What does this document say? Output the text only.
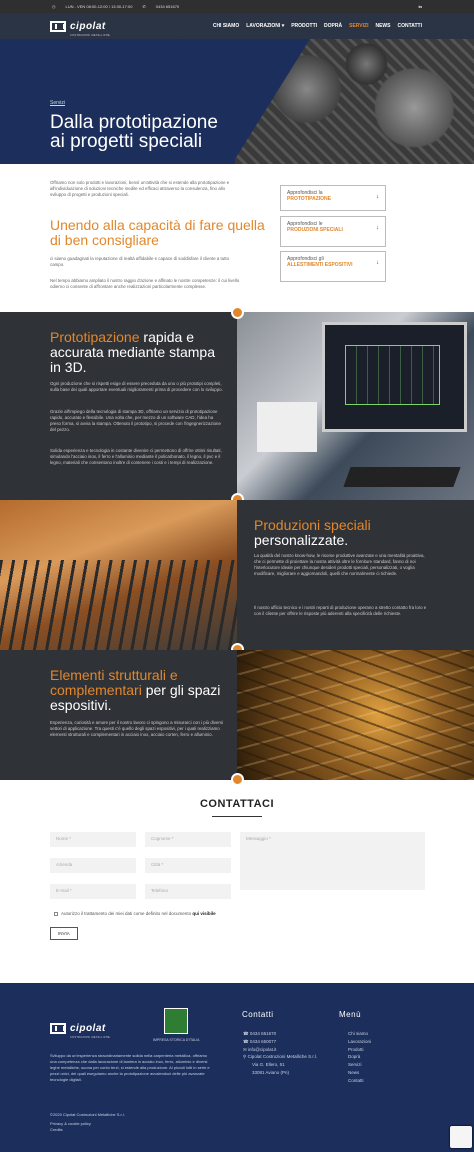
◷	LUN - VEN 08:00-12:00 / 13:30-17:00	✆	0434 651670	in
cipolat
COSTRUZIONI METALLICHE
CHI SIAMO LAVORAZIONI ▾ PRODOTTI DOPRÀ SERVIZI NEWS CONTATTI
Servizi
Dalla prototipazione
ai progetti speciali
Offriamo non solo prodotti e lavorazioni, bensì un'attività che si estende alla prototipazione e all'individuazione di soluzioni tecniche inedite ed efficaci attraverso la consulenza, fino allo sviluppo di progetti e produzioni speciali.
Unendo alla capacità di fare quella di ben consigliare
ci siamo guadagnati la reputazione di realtà affidabile e capace di soddisfare il cliente a tutto campo.
Nel tempo abbiamo ampliato il nostro raggio d'azione e affinato le nostre competenze: il cui livello odierno ci consente di affrontare anche realizzazioni particolarmente complesse.
Approfondisci la
PROTOTIPAZIONE	↓
Approfondisci le
PRODUZIONI SPECIALI	↓
Approfondisci gli
ALLESTIMENTI ESPOSITIVI	↓
Prototipazione rapida e accurata mediante stampa in 3D.
Ogni produzione che si rispetti esige di essere preceduta da uno o più prototipi completi, sulla base dei quali apportare eventuali miglioramenti prima di procedere con lo sviluppo.
Grazie all'impiego della tecnologia di stampa 3D, offriamo un servizio di prototipazione rapido, accurato e flessibile. Una volta che, per mezzo di un software CAD, l'idea ha preso forma, si avvia la stampa. Ottenuto il prototipo, si procede con l'ingegnerizzazione del pezzo.
Solida esperienza e tecnologia in costante divenire ci permettono di offrire ottimi risultati, simulando l'acciaio inox, il ferro e l'alluminio mediante il policarbonato, il legno, il pvc e il legno, materiali che consentono inoltre di contenere i costi e i tempi di realizzazione.
Produzioni speciali
personalizzate.
La qualità del nostro know-how, le risorse produttive avanzate e una mentalità proattiva, che ci permette di proiettare la nostra attività oltre le forniture standard, fanno di noi l'interlocutore ideale per chiunque desideri prodotti speciali, personalizzati, o voglia modificare, migliorare e aggiornandoli, quelli che normalmente ci richiede.
Il nostro ufficio tecnico e i nostri reparti di produzione operano a stretto contatto fra loro e con il cliente per offrire le risposte più aderenti alla specificità delle richieste.
Elementi strutturali e complementari per gli spazi espositivi.
Esperienza, curiosità e amore per il nostro lavoro ci spingono a misurarci con i più diversi settori di applicazione. Tra questi c'è quello degli spazi espositivi, per i quali realizziamo elementi strutturali e complementari in acciaio inox, acciaio corten, ferro e alluminio.
CONTATTACI
Nome *	Cognome *
Azienda	Città *
E-mail *	Telefono
Messaggio *
Autorizzo il trattamento dei miei dati come definito nel documento qui visibile
INVIA
cipolat
COSTRUZIONI METALLICHE
IMPRESA STORICA D'ITALIA
Sviluppo da un'esperienza straordinariamente solida nella carpenteria metallica, offriamo una competenza che dalla lavorazione di lamiera in acciaio inox, ferro, alluminio e diversi leghe metalliche, suona per conto terzi, si estende alla produzione. Ai piccoli lotti in serie e pezzi unici, dei quali eseguiamo anche la prototipazione avvalendoci delle più avanzate tecnologie digitali.
©2020 Cipolat Costruzioni Metalliche S.r.l.
Privacy & cookie policy
Credits
Contatti
☎ 0434 651670
☎ 0434 650077
✉ info@cipolat.it
⚲ Cipolat Costruzioni Metalliche S.r.l.
Via G. Ellero, 51
33081 Aviano (Pn)
Menù
Chi siamo
Lavorazioni
Prodotti
Doprà
Servizi
News
Contatti
